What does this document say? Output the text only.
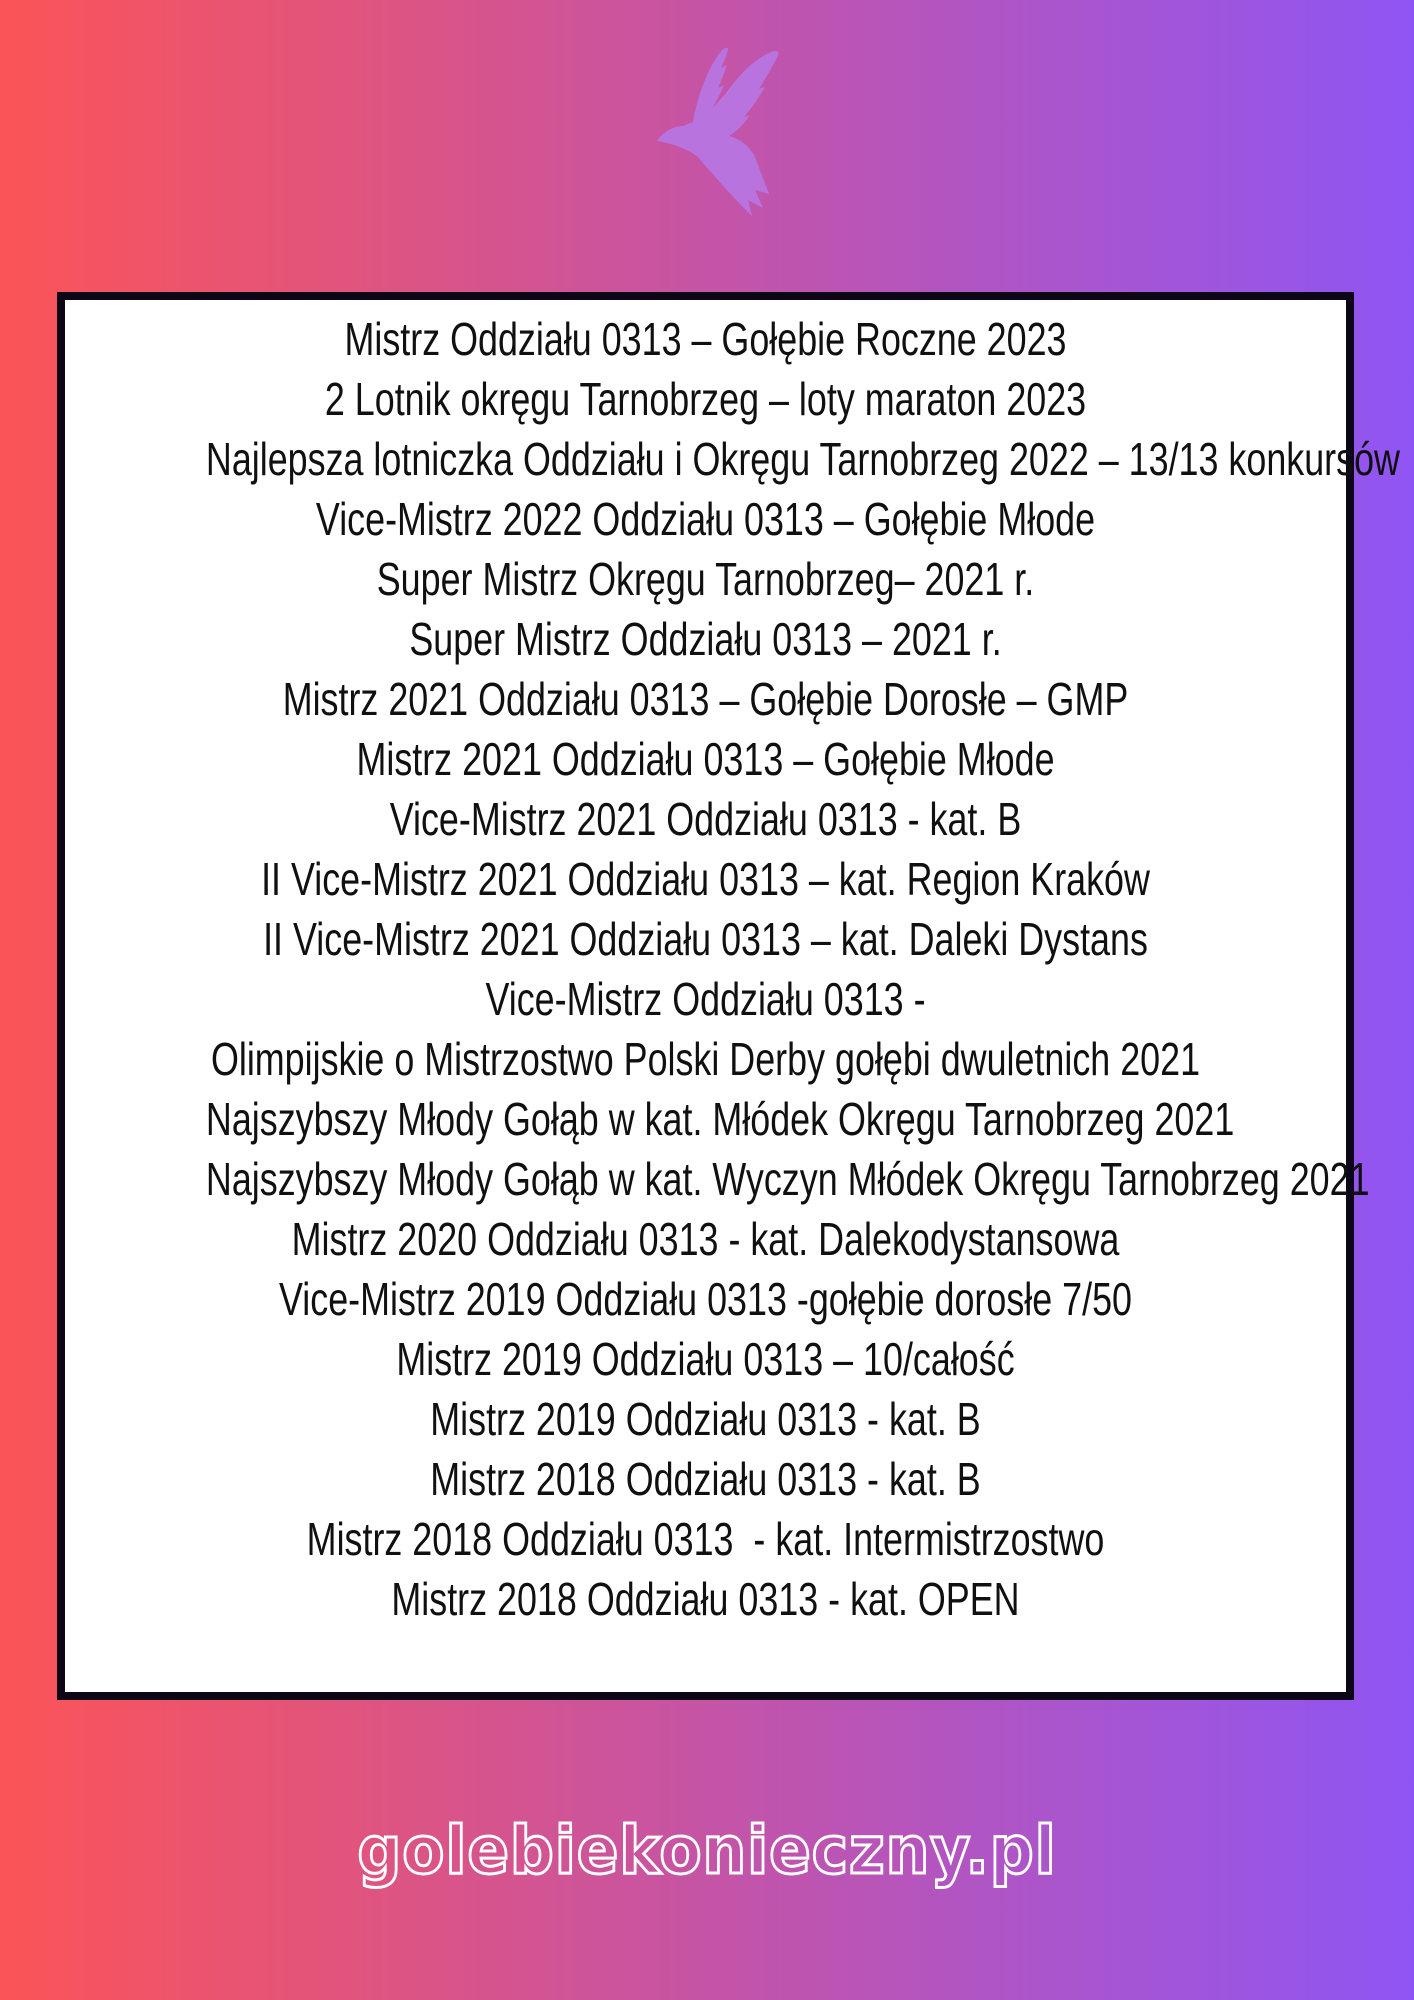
Mistrz Oddziału 0313 – Gołębie Roczne 2023
2 Lotnik okręgu Tarnobrzeg – loty maraton 2023
Najlepsza lotniczka Oddziału i Okręgu Tarnobrzeg 2022 – 13/13 konkursów
Vice-Mistrz 2022 Oddziału 0313 – Gołębie Młode
Super Mistrz Okręgu Tarnobrzeg– 2021 r.
Super Mistrz Oddziału 0313 – 2021 r.
Mistrz 2021 Oddziału 0313 – Gołębie Dorosłe – GMP
Mistrz 2021 Oddziału 0313 – Gołębie Młode
Vice-Mistrz 2021 Oddziału 0313 - kat. B
II Vice-Mistrz 2021 Oddziału 0313 – kat. Region Kraków
II Vice-Mistrz 2021 Oddziału 0313 – kat. Daleki Dystans
Vice-Mistrz Oddziału 0313 -
Olimpijskie o Mistrzostwo Polski Derby gołębi dwuletnich 2021
Najszybszy Młody Gołąb w kat. Młódek Okręgu Tarnobrzeg 2021
Najszybszy Młody Gołąb w kat. Wyczyn Młódek Okręgu Tarnobrzeg 2021
Mistrz 2020 Oddziału 0313 - kat. Dalekodystansowa
Vice-Mistrz 2019 Oddziału 0313 -gołębie dorosłe 7/50
Mistrz 2019 Oddziału 0313 – 10/całość
Mistrz 2019 Oddziału 0313 - kat. B
Mistrz 2018 Oddziału 0313 - kat. B
Mistrz 2018 Oddziału 0313  - kat. Intermistrzostwo
Mistrz 2018 Oddziału 0313 - kat. OPEN
golebiekonieczny.pl
